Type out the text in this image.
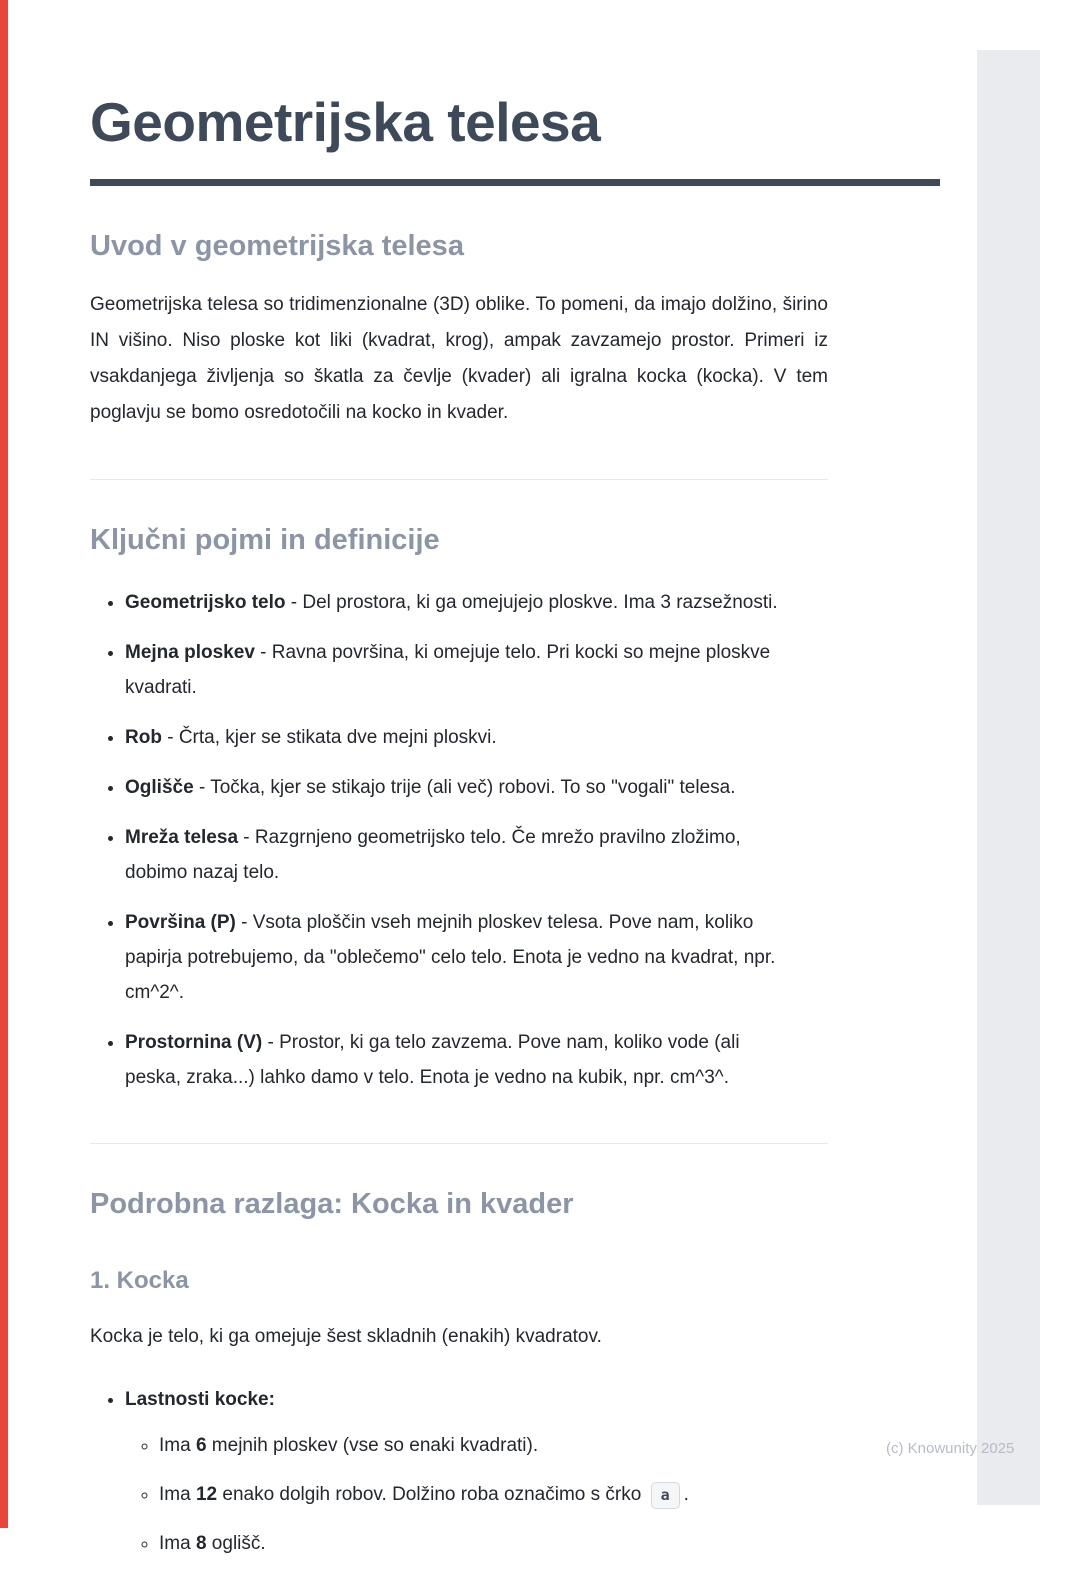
Geometrijska telesa
Uvod v geometrijska telesa

Geometrijska telesa so tridimenzionalne (3D) oblike. To pomeni, da imajo dolžino, širino IN višino. Niso ploske kot liki (kvadrat, krog), ampak zavzamejo prostor. Primeri iz vsakdanjega življenja so škatla za čevlje (kvader) ali igralna kocka (kocka). V tem poglavju se bomo osredotočili na kocko in kvader.

Ključni pojmi in definicije
• Geometrijsko telo - Del prostora, ki ga omejujejo ploskve. Ima 3 razsežnosti.
• Mejna ploskev - Ravna površina, ki omejuje telo. Pri kocki so mejne ploskve kvadrati.
• Rob - Črta, kjer se stikata dve mejni ploskvi.
• Oglišče - Točka, kjer se stikajo trije (ali več) robovi. To so "vogali" telesa.
• Mreža telesa - Razgrnjeno geometrijsko telo. Če mrežo pravilno zložimo, dobimo nazaj telo.
• Površina (P) - Vsota ploščin vseh mejnih ploskev telesa. Pove nam, koliko papirja potrebujemo, da "oblečemo" celo telo. Enota je vedno na kvadrat, npr. cm^2^.
• Prostornina (V) - Prostor, ki ga telo zavzema. Pove nam, koliko vode (ali peska, zraka...) lahko damo v telo. Enota je vedno na kubik, npr. cm^3^.
Podrobna razlaga: Kocka in kvader
1. Kocka

Kocka je telo, ki ga omejuje šest skladnih (enakih) kvadratov.

• Lastnosti kocke:
◦ Ima 6 mejnih ploskev (vse so enaki kvadrati).
◦ Ima 12 enako dolgih robov. Dolžino roba označimo s črko a .
◦ Ima 8 oglišč.
(c) Knowunity 2025
